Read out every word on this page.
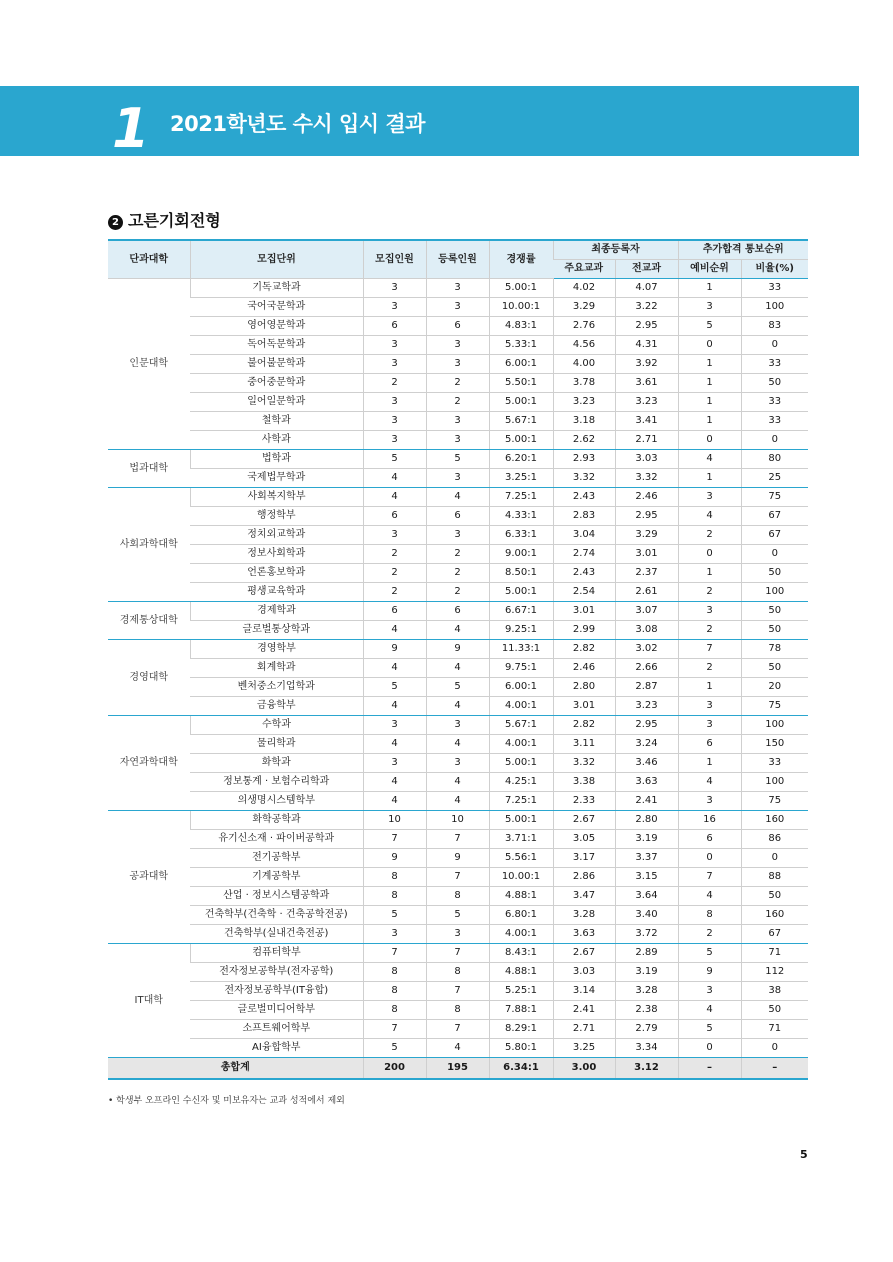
1 2021학년도 수시 입시 결과
2 고른기회전형
단과대학	모집단위	모집인원	등록인원	경쟁률	최종등록자		추가합격 통보순위	
					주요교과	전교과	예비순위	비율(%)
인문대학	기독교학과	3	3	5.00:1	4.02	4.07	1	33
	국어국문학과	3	3	10.00:1	3.29	3.22	3	100
	영어영문학과	6	6	4.83:1	2.76	2.95	5	83
	독어독문학과	3	3	5.33:1	4.56	4.31	0	0
	불어불문학과	3	3	6.00:1	4.00	3.92	1	33
	중어중문학과	2	2	5.50:1	3.78	3.61	1	50
	일어일문학과	3	2	5.00:1	3.23	3.23	1	33
	철학과	3	3	5.67:1	3.18	3.41	1	33
	사학과	3	3	5.00:1	2.62	2.71	0	0
법과대학	법학과	5	5	6.20:1	2.93	3.03	4	80
	국제법무학과	4	3	3.25:1	3.32	3.32	1	25
사회과학대학	사회복지학부	4	4	7.25:1	2.43	2.46	3	75
	행정학부	6	6	4.33:1	2.83	2.95	4	67
	정치외교학과	3	3	6.33:1	3.04	3.29	2	67
	정보사회학과	2	2	9.00:1	2.74	3.01	0	0
	언론홍보학과	2	2	8.50:1	2.43	2.37	1	50
	평생교육학과	2	2	5.00:1	2.54	2.61	2	100
경제통상대학	경제학과	6	6	6.67:1	3.01	3.07	3	50
	글로벌통상학과	4	4	9.25:1	2.99	3.08	2	50
경영대학	경영학부	9	9	11.33:1	2.82	3.02	7	78
	회계학과	4	4	9.75:1	2.46	2.66	2	50
	벤처중소기업학과	5	5	6.00:1	2.80	2.87	1	20
	금융학부	4	4	4.00:1	3.01	3.23	3	75
자연과학대학	수학과	3	3	5.67:1	2.82	2.95	3	100
	물리학과	4	4	4.00:1	3.11	3.24	6	150
	화학과	3	3	5.00:1	3.32	3.46	1	33
	정보통계 · 보험수리학과	4	4	4.25:1	3.38	3.63	4	100
	의생명시스템학부	4	4	7.25:1	2.33	2.41	3	75
공과대학	화학공학과	10	10	5.00:1	2.67	2.80	16	160
	유기신소재 · 파이버공학과	7	7	3.71:1	3.05	3.19	6	86
	전기공학부	9	9	5.56:1	3.17	3.37	0	0
	기계공학부	8	7	10.00:1	2.86	3.15	7	88
	산업 · 정보시스템공학과	8	8	4.88:1	3.47	3.64	4	50
	건축학부(건축학 · 건축공학전공)	5	5	6.80:1	3.28	3.40	8	160
	건축학부(실내건축전공)	3	3	4.00:1	3.63	3.72	2	67
IT대학	컴퓨터학부	7	7	8.43:1	2.67	2.89	5	71
	전자정보공학부(전자공학)	8	8	4.88:1	3.03	3.19	9	112
	전자정보공학부(IT융합)	8	7	5.25:1	3.14	3.28	3	38
	글로벌미디어학부	8	8	7.88:1	2.41	2.38	4	50
	소프트웨어학부	7	7	8.29:1	2.71	2.79	5	71
	AI융합학부	5	4	5.80:1	3.25	3.34	0	0
총합계		200	195	6.34:1	3.00	3.12	–	–
• 학생부 오프라인 수신자 및 미보유자는 교과 성적에서 제외
5
